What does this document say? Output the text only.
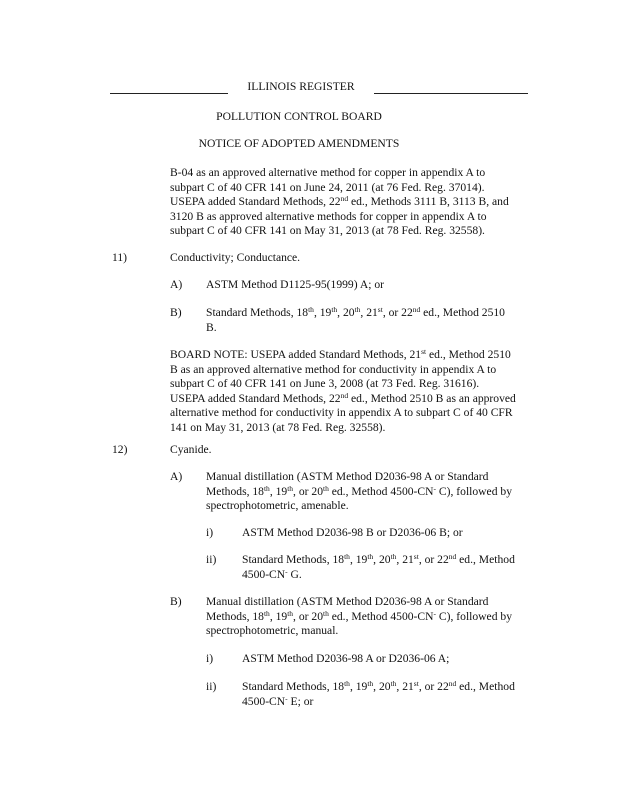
ILLINOIS REGISTER
POLLUTION CONTROL BOARD
NOTICE OF ADOPTED AMENDMENTS
B-04 as an approved alternative method for copper in appendix A to
subpart C of 40 CFR 141 on June 24, 2011 (at 76 Fed. Reg. 37014).
USEPA added Standard Methods, 22nd ed., Methods 3111 B, 3113 B, and
3120 B as approved alternative methods for copper in appendix A to
subpart C of 40 CFR 141 on May 31, 2013 (at 78 Fed. Reg. 32558).
11)	Conductivity; Conductance.
A) ASTM Method D1125-95(1999) A; or
B) Standard Methods, 18th, 19th, 20th, 21st, or 22nd ed., Method 2510
B.
BOARD NOTE: USEPA added Standard Methods, 21st ed., Method 2510
B as an approved alternative method for conductivity in appendix A to
subpart C of 40 CFR 141 on June 3, 2008 (at 73 Fed. Reg. 31616).
USEPA added Standard Methods, 22nd ed., Method 2510 B as an approved
alternative method for conductivity in appendix A to subpart C of 40 CFR
141 on May 31, 2013 (at 78 Fed. Reg. 32558).
12)	Cyanide.
A) Manual distillation (ASTM Method D2036-98 A or Standard
Methods, 18th, 19th, or 20th ed., Method 4500-CN- C), followed by
spectrophotometric, amenable.
i) ASTM Method D2036-98 B or D2036-06 B; or
ii) Standard Methods, 18th, 19th, 20th, 21st, or 22nd ed., Method
4500-CN- G.
B) Manual distillation (ASTM Method D2036-98 A or Standard
Methods, 18th, 19th, or 20th ed., Method 4500-CN- C), followed by
spectrophotometric, manual.
i) ASTM Method D2036-98 A or D2036-06 A;
ii) Standard Methods, 18th, 19th, 20th, 21st, or 22nd ed., Method
4500-CN- E; or
